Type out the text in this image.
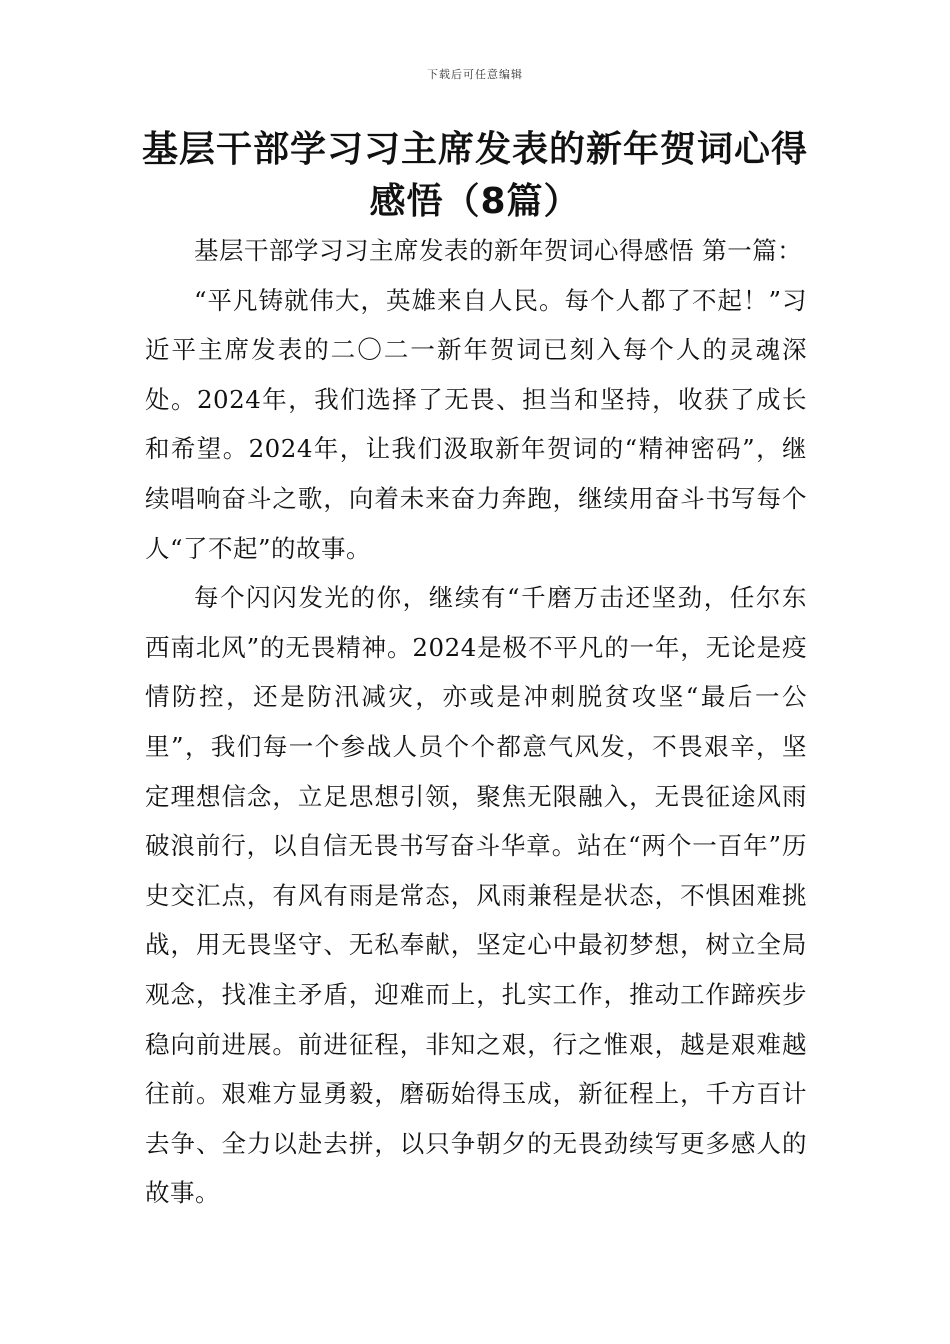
下载后可任意编辑
基层干部学习习主席发表的新年贺词心得感悟（8篇）

基层干部学习习主席发表的新年贺词心得感悟 第一篇：

“平凡铸就伟大，英雄来自人民。每个人都了不起！”习近平主席发表的二〇二一新年贺词已刻入每个人的灵魂深处。2024年，我们选择了无畏、担当和坚持，收获了成长和希望。2024年，让我们汲取新年贺词的“精神密码”，继续唱响奋斗之歌，向着未来奋力奔跑，继续用奋斗书写每个人“了不起”的故事。

每个闪闪发光的你，继续有“千磨万击还坚劲，任尔东西南北风”的无畏精神。2024是极不平凡的一年，无论是疫情防控，还是防汛减灾，亦或是冲刺脱贫攻坚“最后一公里”，我们每一个参战人员个个都意气风发，不畏艰辛，坚定理想信念，立足思想引领，聚焦无限融入，无畏征途风雨破浪前行，以自信无畏书写奋斗华章。站在“两个一百年”历史交汇点，有风有雨是常态，风雨兼程是状态，不惧困难挑战，用无畏坚守、无私奉献，坚定心中最初梦想，树立全局观念，找准主矛盾，迎难而上，扎实工作，推动工作蹄疾步稳向前进展。前进征程，非知之艰，行之惟艰，越是艰难越往前。艰难方显勇毅，磨砺始得玉成，新征程上，千方百计去争、全力以赴去拼，以只争朝夕的无畏劲续写更多感人的故事。
